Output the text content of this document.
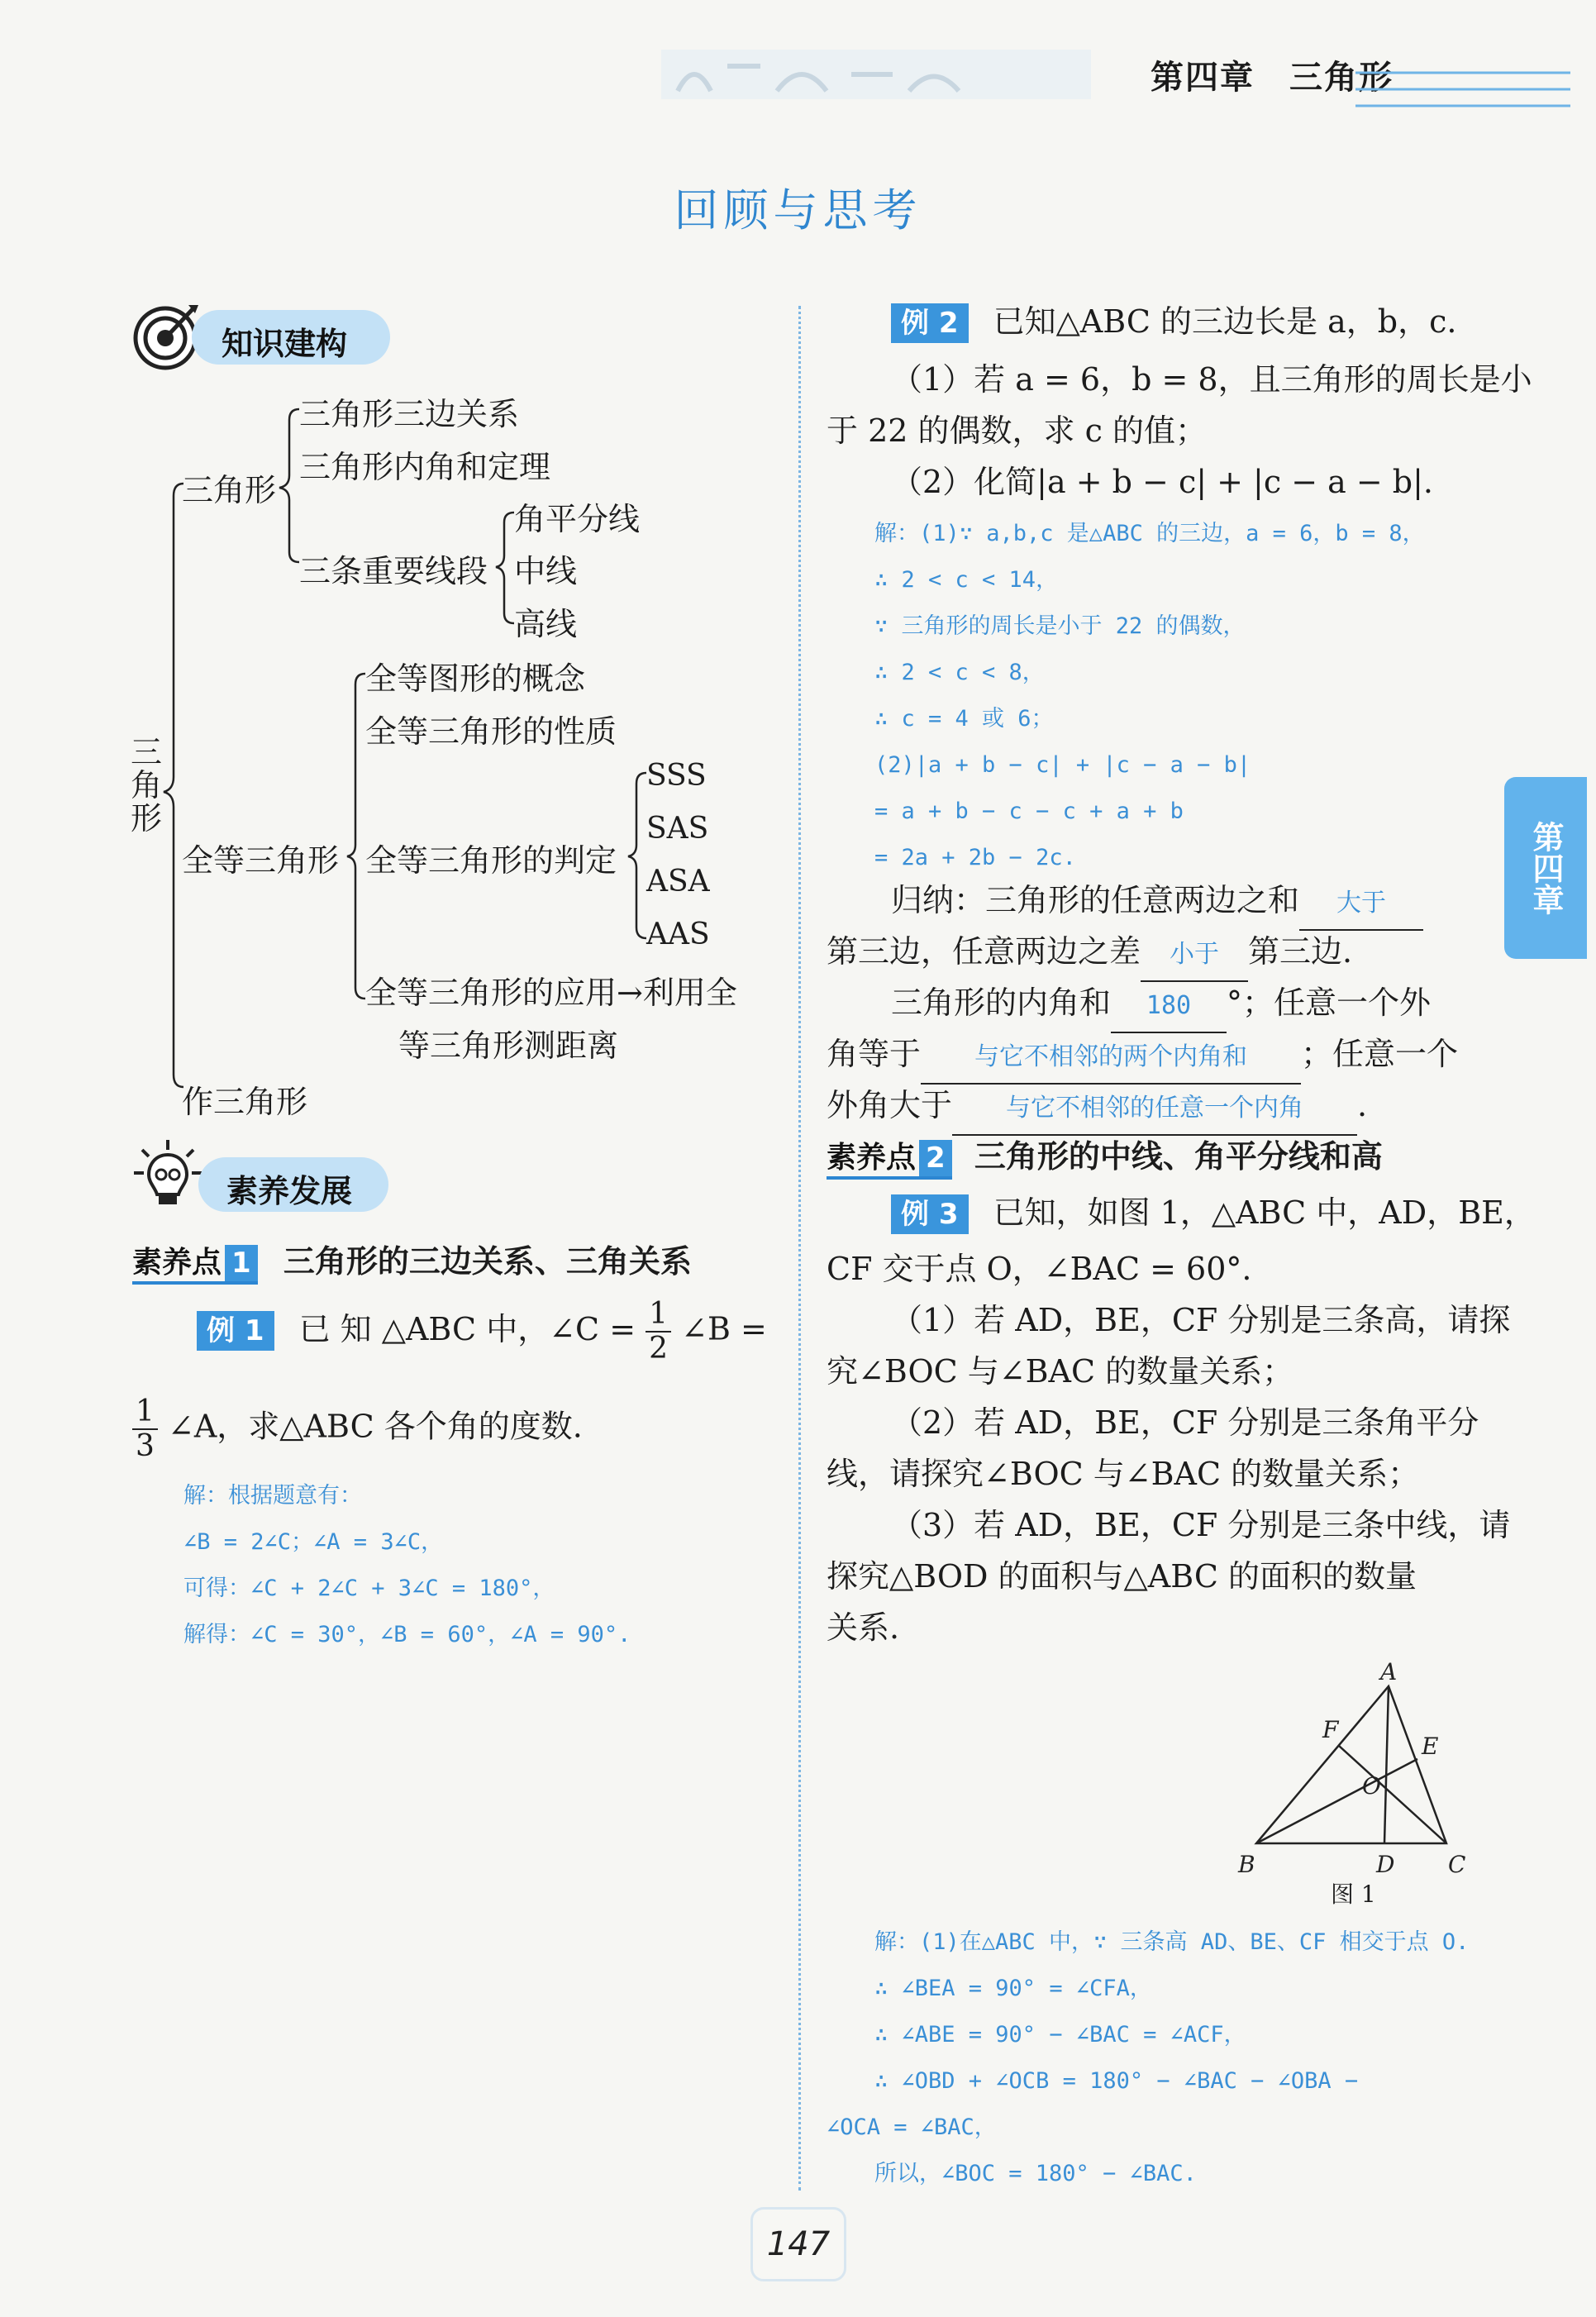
第四章　三角形
回顾与思考
知识建构
三角形
三角形
三角形三边关系
三角形内角和定理
三条重要线段
角平分线
中线
高线
全等三角形
全等图形的概念
全等三角形的性质
全等三角形的判定
SSS
SAS
ASA
AAS
全等三角形的应用→利用全
等三角形测距离
作三角形
素养发展
素养点 1 三角形的三边关系、三角关系
例 1 已 知 △ABC 中，∠C = $\frac{1}{2}$ ∠B =
$\frac{1}{3}$ ∠A，求△ABC 各个角的度数.
解：根据题意有：
∠B = 2∠C；∠A = 3∠C，
可得：∠C + 2∠C + 3∠C = 180°，
解得：∠C = 30°，∠B = 60°，∠A = 90°.
例 2 已知△ABC 的三边长是 a，b，c.
（1）若 a = 6，b = 8，且三角形的周长是小
于 22 的偶数，求 c 的值；
（2）化简|a + b − c| + |c − a − b|.
解：(1)∵ a,b,c 是△ABC 的三边，a = 6，b = 8，
∴ 2 < c < 14，
∵ 三角形的周长是小于 22 的偶数，
∴ 2 < c < 8，
∴ c = 4 或 6；
(2)|a + b − c| + |c − a − b|
= a + b − c − c + a + b
= 2a + 2b − 2c.
归纳：三角形的任意两边之和 大于
第三边，任意两边之差 小于 第三边.
三角形的内角和 180 °；任意一个外
角等于 与它不相邻的两个内角和 ；任意一个
外角大于 与它不相邻的任意一个内角 .
素养点 2 三角形的中线、角平分线和高
例 3 已知，如图 1，△ABC 中，AD，BE，
CF 交于点 O，∠BAC = 60°.
（1）若 AD，BE，CF 分别是三条高，请探
究∠BOC 与∠BAC 的数量关系；
（2）若 AD，BE，CF 分别是三条角平分
线，请探究∠BOC 与∠BAC 的数量关系；
（3）若 AD，BE，CF 分别是三条中线，请
探究△BOD 的面积与△ABC 的面积的数量
关系.
A
B	C
D
E
F
O
图 1
解：(1)在△ABC 中，∵ 三条高 AD、BE、CF 相交于点 O.
∴ ∠BEA = 90° = ∠CFA，
∴ ∠ABE = 90° − ∠BAC = ∠ACF，
∴ ∠OBD + ∠OCB = 180° − ∠BAC − ∠OBA −
∠OCA = ∠BAC，
所以，∠BOC = 180° − ∠BAC.
第四章
147
